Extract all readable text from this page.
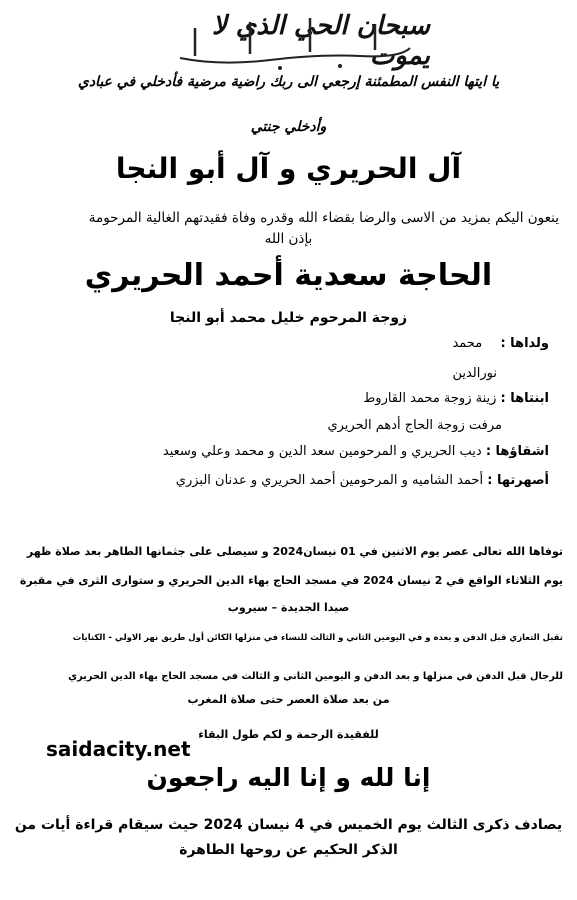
سبحان الحي الذي لا يموت
يا ايتها النفس المطمئنة إرجعي الى ربك راضية مرضية فأدخلي في عبادي
وأدخلي جنتي
آل الحريري و آل أبو النجا
ينعون اليكم بمزيد من الاسى والرضا بقضاء الله وقدره وفاة فقيدتهم الغالية المرحومة
بإذن الله
الحاجة سعدية أحمد الحريري
زوجة المرحوم خليل محمد أبو النجا
ولداها :  محمد
نورالدين
ابنتاها : زينة زوجة محمد القاروط
مرفت زوجة الحاج أدهم الحريري
اشقاؤها : ديب الحريري و المرحومين سعد الدين و محمد وعلي وسعيد
أصهرتها : أحمد الشاميه و المرحومين أحمد الحريري و عدنان البزري
توفاها الله تعالى عصر يوم الاثنين في 01 نيسان2024 و سيصلى على جثمانها الطاهر بعد صلاة ظهر
يوم الثلاثاء الواقع في 2 نيسان 2024 في مسجد الحاج بهاء الدين الحريري و ستوارى الثرى في مقبرة
صيدا الجديدة – سيروب
تقبل التعازي قبل الدفن و بعده و في اليومين الثاني و الثالث للنساء في منزلها الكائن أول طريق نهر الاولي - الكنايات
للرجال قبل الدفن في منزلها و بعد الدفن و اليومين الثاني و الثالث في مسجد الحاج بهاء الدين الحريري
من بعد صلاة العصر حتى صلاة المغرب
للفقيدة الرحمة و لكم طول البقاء
saidacity.net
إنا لله و إنا اليه راجعون
يصادف ذكرى الثالث يوم الخميس في 4 نيسان 2024 حيث سيقام قراءة أيات من
الذكر الحكيم عن روحها الطاهرة
